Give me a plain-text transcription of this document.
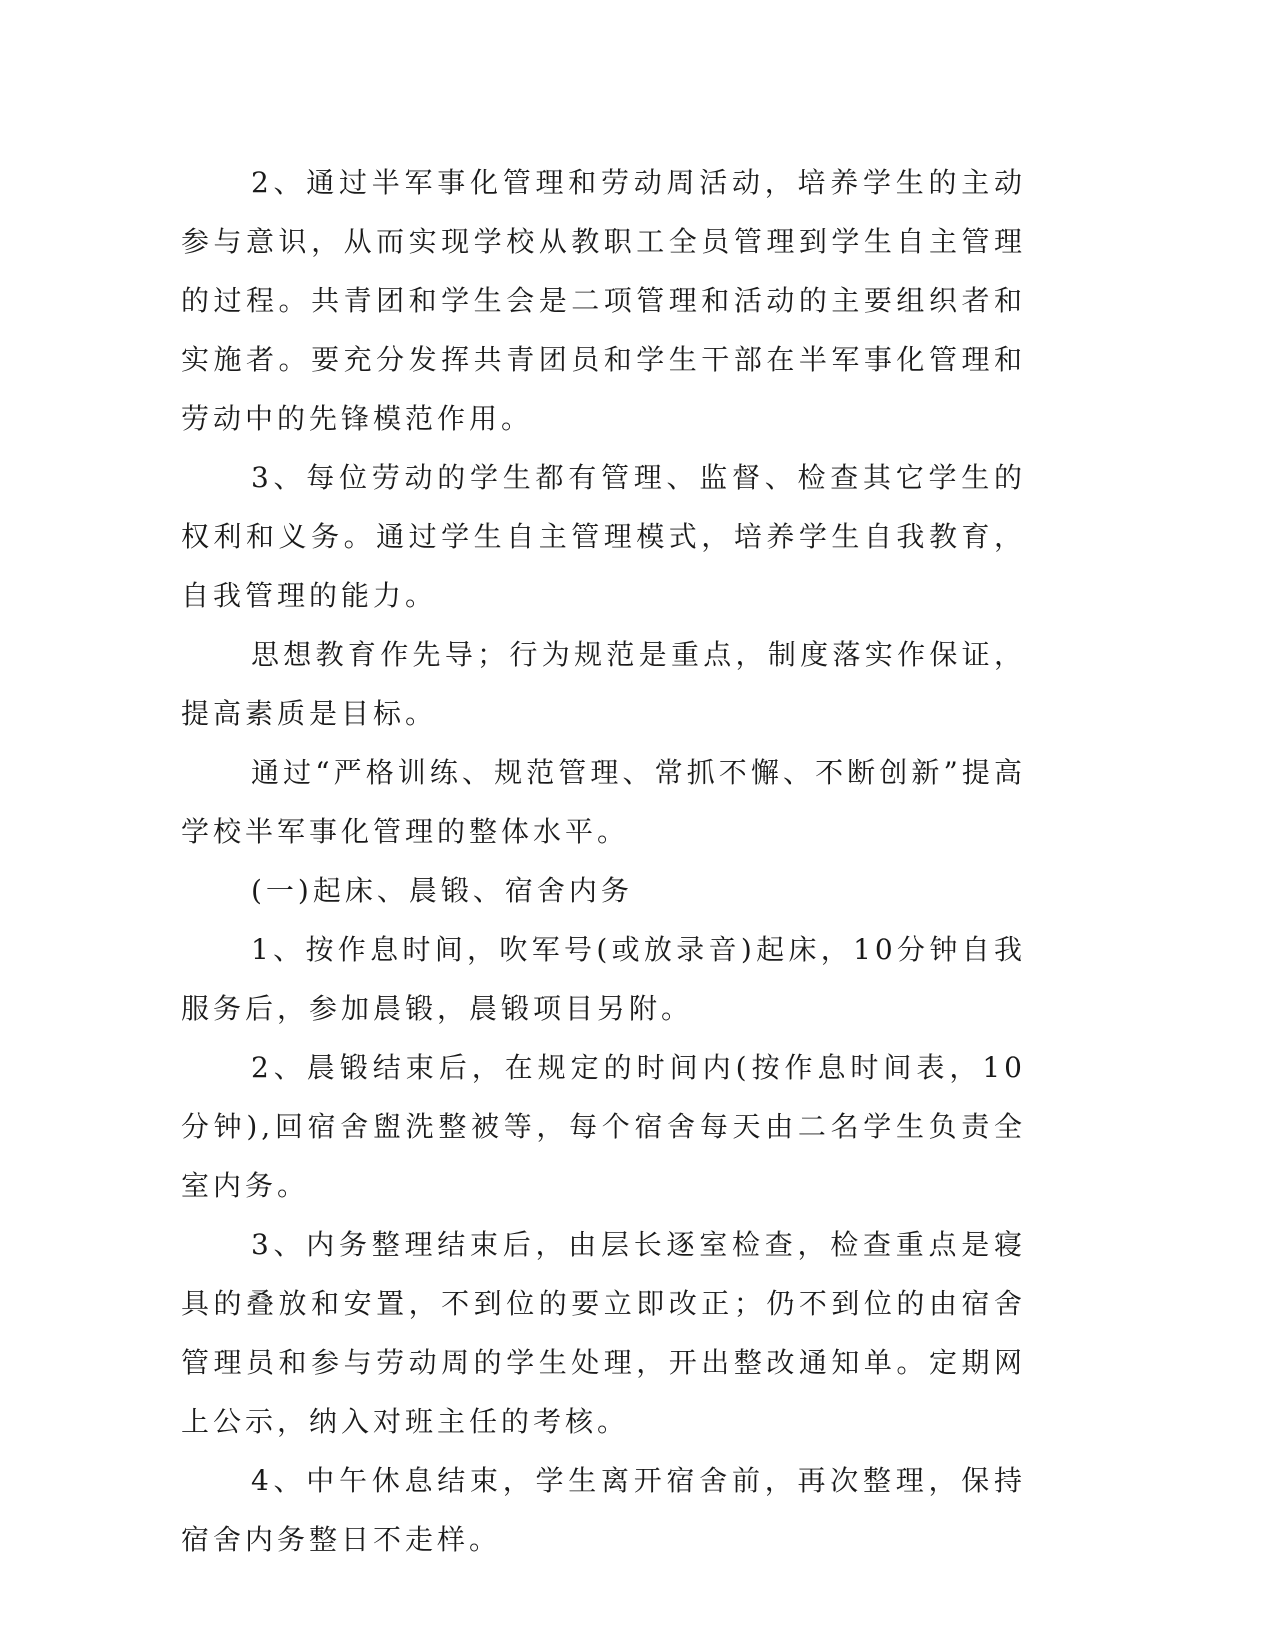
2、通过半军事化管理和劳动周活动，培养学生的主动参与意识，从而实现学校从教职工全员管理到学生自主管理的过程。共青团和学生会是二项管理和活动的主要组织者和实施者。要充分发挥共青团员和学生干部在半军事化管理和劳动中的先锋模范作用。

3、每位劳动的学生都有管理、监督、检查其它学生的权利和义务。通过学生自主管理模式，培养学生自我教育，自我管理的能力。

思想教育作先导；行为规范是重点，制度落实作保证，提高素质是目标。

通过“严格训练、规范管理、常抓不懈、不断创新”提高学校半军事化管理的整体水平。

(一)起床、晨锻、宿舍内务

1、按作息时间，吹军号(或放录音)起床，10分钟自我服务后，参加晨锻，晨锻项目另附。

2、晨锻结束后，在规定的时间内(按作息时间表，10分钟),回宿舍盥洗整被等，每个宿舍每天由二名学生负责全室内务。

3、内务整理结束后，由层长逐室检查，检查重点是寝具的叠放和安置，不到位的要立即改正；仍不到位的由宿舍管理员和参与劳动周的学生处理，开出整改通知单。定期网上公示，纳入对班主任的考核。

4、中午休息结束，学生离开宿舍前，再次整理，保持宿舍内务整日不走样。
